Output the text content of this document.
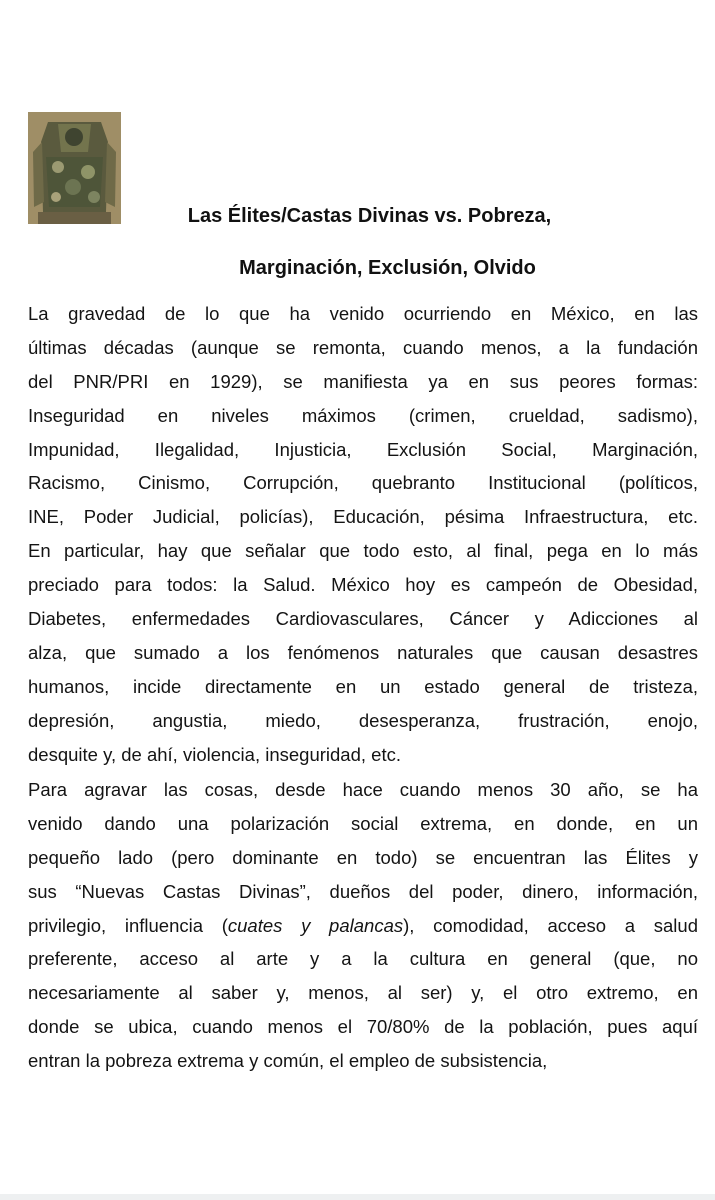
Las Élites/Castas Divinas vs. Pobreza,
Marginación, Exclusión, Olvido
La gravedad de lo que ha venido ocurriendo en México, en las
últimas décadas (aunque se remonta, cuando menos, a la fundación
del PNR/PRI en 1929), se manifiesta ya en sus peores formas:
Inseguridad en niveles máximos (crimen, crueldad, sadismo),
Impunidad, Ilegalidad, Injusticia, Exclusión Social, Marginación,
Racismo, Cinismo, Corrupción, quebranto Institucional (políticos,
INE, Poder Judicial, policías), Educación, pésima Infraestructura, etc.
En particular, hay que señalar que todo esto, al final, pega en lo más
preciado para todos: la Salud. México hoy es campeón de Obesidad,
Diabetes, enfermedades Cardiovasculares, Cáncer y Adicciones al
alza, que sumado a los fenómenos naturales que causan desastres
humanos, incide directamente en un estado general de tristeza,
depresión, angustia, miedo, desesperanza, frustración, enojo,
desquite y, de ahí, violencia, inseguridad, etc.
Para agravar las cosas, desde hace cuando menos 30 año, se ha
venido dando una polarización social extrema, en donde, en un
pequeño lado (pero dominante en todo) se encuentran las Élites y
sus “Nuevas Castas Divinas”, dueños del poder, dinero, información,
privilegio, influencia (cuates y palancas), comodidad, acceso a salud
preferente, acceso al arte y a la cultura en general (que, no
necesariamente al saber y, menos, al ser) y, el otro extremo, en
donde se ubica, cuando menos el 70/80% de la población, pues aquí
entran la pobreza extrema y común, el empleo de subsistencia,
